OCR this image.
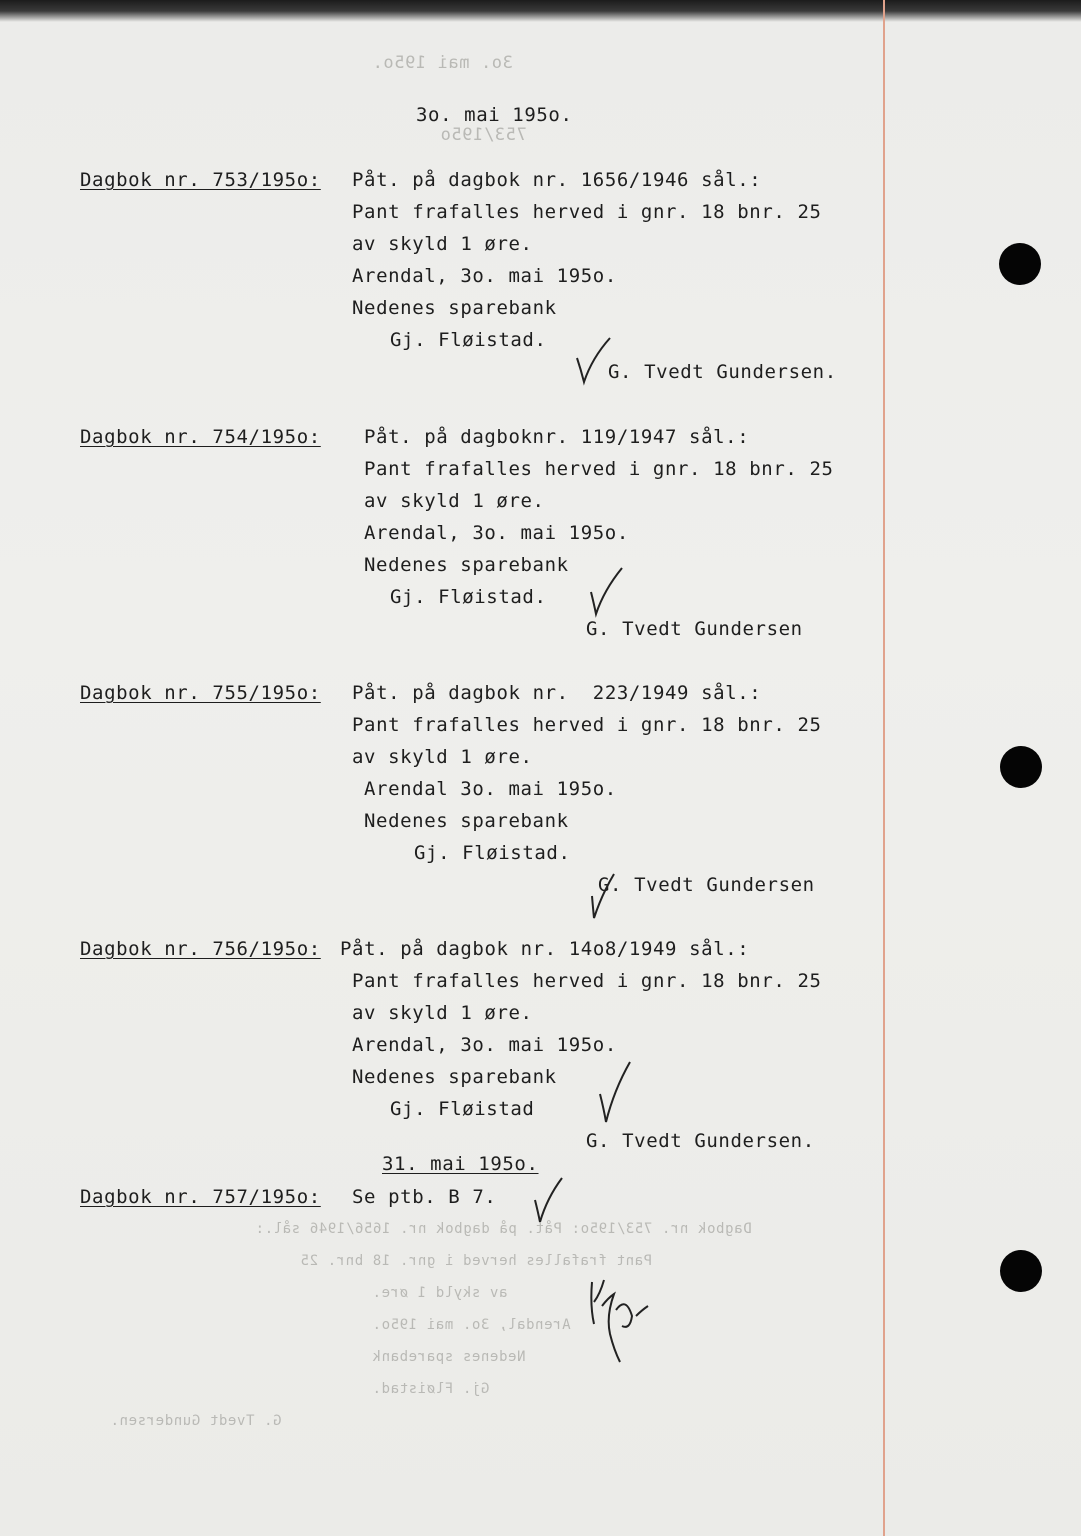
3o. mai 195o.
753/195o
Dagbok nr. 753/195o: Påt. på dagbok nr. 1656/1946 sål.:
Pant frafalles herved i gnr. 18 bnr. 25
av skyld 1 øre.
Arendal, 3o. mai 195o.
Nedenes sparebank
Gj. Fløistad.
G. Tvedt Gundersen.
3o. mai 195o.
Dagbok nr. 753/195o: Påt. på dagbok nr. 1656/1946 sål.:
Pant frafalles herved i gnr. 18 bnr. 25
av skyld 1 øre.
Arendal, 3o. mai 195o.
Nedenes sparebank
Gj. Fløistad.
G. Tvedt Gundersen.
Dagbok nr. 754/195o: Påt. på dagboknr. 119/1947 sål.:
Pant frafalles herved i gnr. 18 bnr. 25
av skyld 1 øre.
Arendal, 3o. mai 195o.
Nedenes sparebank
Gj. Fløistad.
G. Tvedt Gundersen
Dagbok nr. 755/195o: Påt. på dagbok nr.  223/1949 sål.:
Pant frafalles herved i gnr. 18 bnr. 25
av skyld 1 øre.
Arendal 3o. mai 195o.
Nedenes sparebank
Gj. Fløistad.
G. Tvedt Gundersen
Dagbok nr. 756/195o: Påt. på dagbok nr. 14o8/1949 sål.:
Pant frafalles herved i gnr. 18 bnr. 25
av skyld 1 øre.
Arendal, 3o. mai 195o.
Nedenes sparebank
Gj. Fløistad
G. Tvedt Gundersen.
31. mai 195o.
Dagbok nr. 757/195o: Se ptb. B 7.
